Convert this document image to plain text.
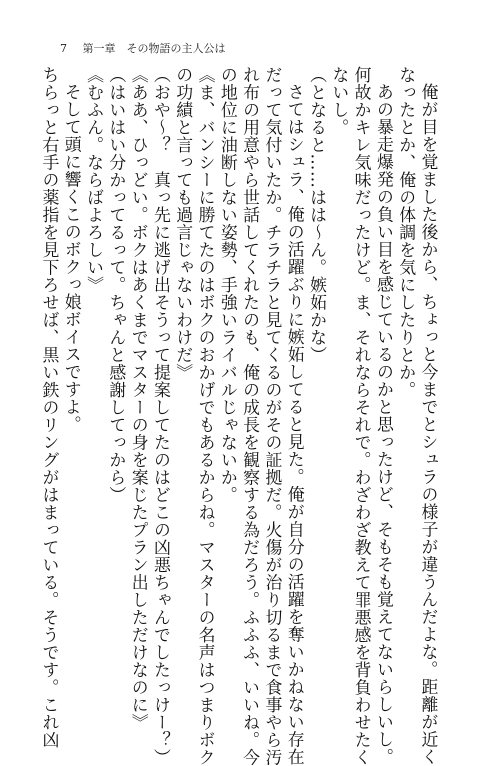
7 第一章　その物語の主人公は
俺が目を覚ました後から、ちょっと今までとシュラの様子が違うんだよな。距離が近く
なったとか、俺の体調を気にしたりとか。
あの暴走爆発の負い目を感じているのかと思ったけど、そもそも覚えてないらしいし。
何故かキレ気味だったけど。ま、それならそれで。わざわざ教えて罪悪感を背負わせたく
ないし。
（となると……はは〜ん。嫉妬かな）
さてはシュラ、俺の活躍ぶりに嫉妬してると見た。俺が自分の活躍を奪いかねない存在
だって気付いたか。チラチラと見てくるのがその証拠だ。火傷が治り切るまで食事やら汚
れ布の用意やら世話してくれたのも、俺の成長を観察する為だろう。ふふふ、いいね。今
の地位に油断しない姿勢、手強いライバルじゃないか。
《ま、バンシーに勝てたのはボクのおかげでもあるからね。マスターの名声はつまりボク
の功績と言っても過言じゃないわけだ》
（おや〜？　真っ先に逃げ出そうって提案してたのはどこの凶悪ちゃんでしたっけー？）
《ああ、ひっどい。ボクはあくまでマスターの身を案じたプラン出しただけなのに》
（はいはい分かってるって。ちゃんと感謝してっから）
《むふん。ならばよろしい》
そして頭に響くこのボクっ娘ボイスですよ。
ちらっと右手の薬指を見下ろせば、黒い鉄のリングがはまっている。そうです。これ凶
